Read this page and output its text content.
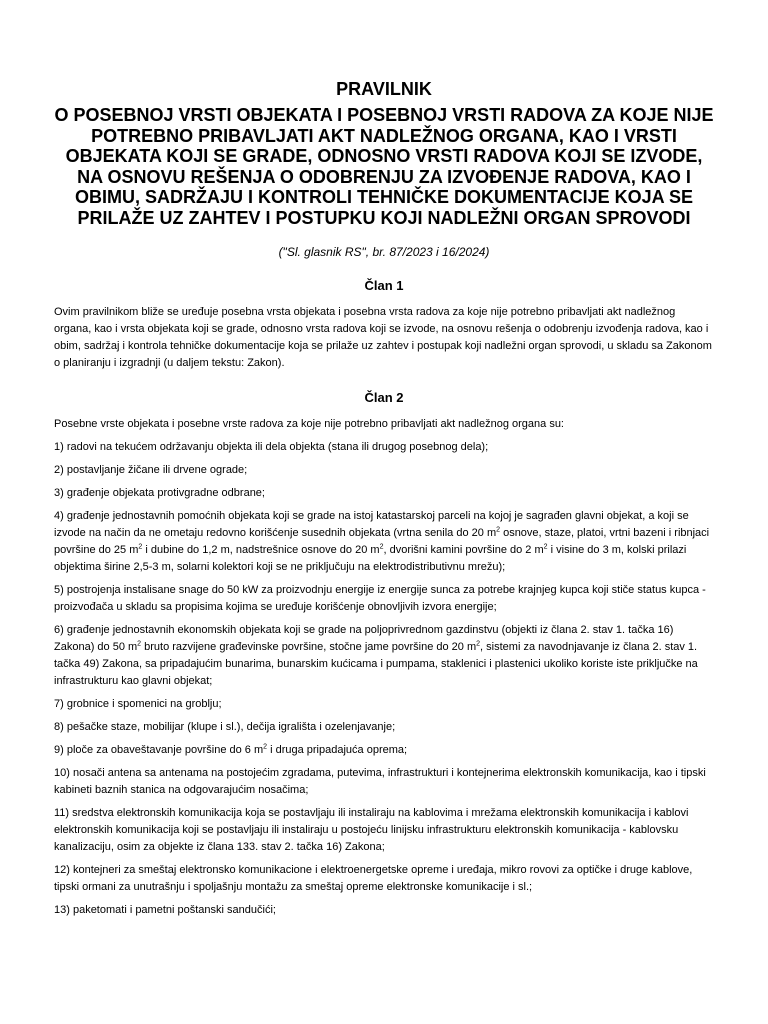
PRAVILNIK
O POSEBNOJ VRSTI OBJEKATA I POSEBNOJ VRSTI RADOVA ZA KOJE NIJE POTREBNO PRIBAVLJATI AKT NADLEŽNOG ORGANA, KAO I VRSTI OBJEKATA KOJI SE GRADE, ODNOSNO VRSTI RADOVA KOJI SE IZVODE, NA OSNOVU REŠENJA O ODOBRENJU ZA IZVOĐENJE RADOVA, KAO I OBIMU, SADRŽAJU I KONTROLI TEHNIČKE DOKUMENTACIJE KOJA SE PRILAŽE UZ ZAHTEV I POSTUPKU KOJI NADLEŽNI ORGAN SPROVODI

("Sl. glasnik RS", br. 87/2023 i 16/2024)

Član 1

Ovim pravilnikom bliže se uređuje posebna vrsta objekata i posebna vrsta radova za koje nije potrebno pribavljati akt nadležnog organa, kao i vrsta objekata koji se grade, odnosno vrsta radova koji se izvode, na osnovu rešenja o odobrenju izvođenja radova, kao i obim, sadržaj i kontrola tehničke dokumentacije koja se prilaže uz zahtev i postupak koji nadležni organ sprovodi, u skladu sa Zakonom o planiranju i izgradnji (u daljem tekstu: Zakon).

Član 2

Posebne vrste objekata i posebne vrste radova za koje nije potrebno pribavljati akt nadležnog organa su:

1) radovi na tekućem održavanju objekta ili dela objekta (stana ili drugog posebnog dela);

2) postavljanje žičane ili drvene ograde;

3) građenje objekata protivgradne odbrane;

4) građenje jednostavnih pomoćnih objekata koji se grade na istoj katastarskoj parceli na kojoj je sagrađen glavni objekat, a koji se izvode na način da ne ometaju redovno korišćenje susednih objekata (vrtna senila do 20 $m^2$ osnove, staze, platoi, vrtni bazeni i ribnjaci površine do 25 $m^2$ i dubine do 1,2 m, nadstrešnice osnove do 20 $m^2$, dvorišni kamini površine do 2 $m^2$ i visine do 3 m, kolski prilazi objektima širine 2,5-3 m, solarni kolektori koji se ne priključuju na elektrodistributivnu mrežu);

5) postrojenja instalisane snage do 50 kW za proizvodnju energije iz energije sunca za potrebe krajnjeg kupca koji stiče status kupca - proizvođača u skladu sa propisima kojima se uređuje korišćenje obnovljivih izvora energije;

6) građenje jednostavnih ekonomskih objekata koji se grade na poljoprivrednom gazdinstvu (objekti iz člana 2. stav 1. tačka 16) Zakona) do 50 $m^2$ bruto razvijene građevinske površine, stočne jame površine do 20 $m^2$, sistemi za navodnjavanje iz člana 2. stav 1. tačka 49) Zakona, sa pripadajućim bunarima, bunarskim kućicama i pumpama, staklenici i plastenici ukoliko koriste iste priključke na infrastrukturu kao glavni objekat;

7) grobnice i spomenici na groblju;

8) pešačke staze, mobilijar (klupe i sl.), dečija igrališta i ozelenjavanje;

9) ploče za obaveštavanje površine do 6 $m^2$ i druga pripadajuća oprema;

10) nosači antena sa antenama na postojećim zgradama, putevima, infrastrukturi i kontejnerima elektronskih komunikacija, kao i tipski kabineti baznih stanica na odgovarajućim nosačima;

11) sredstva elektronskih komunikacija koja se postavljaju ili instaliraju na kablovima i mrežama elektronskih komunikacija i kablovi elektronskih komunikacija koji se postavljaju ili instaliraju u postojeću linijsku infrastrukturu elektronskih komunikacija - kablovsku kanalizaciju, osim za objekte iz člana 133. stav 2. tačka 16) Zakona;

12) kontejneri za smeštaj elektronsko komunikacione i elektroenergetske opreme i uređaja, mikro rovovi za optičke i druge kablove, tipski ormani za unutrašnju i spoljašnju montažu za smeštaj opreme elektronske komunikacije i sl.;

13) paketomati i pametni poštanski sandučići;
